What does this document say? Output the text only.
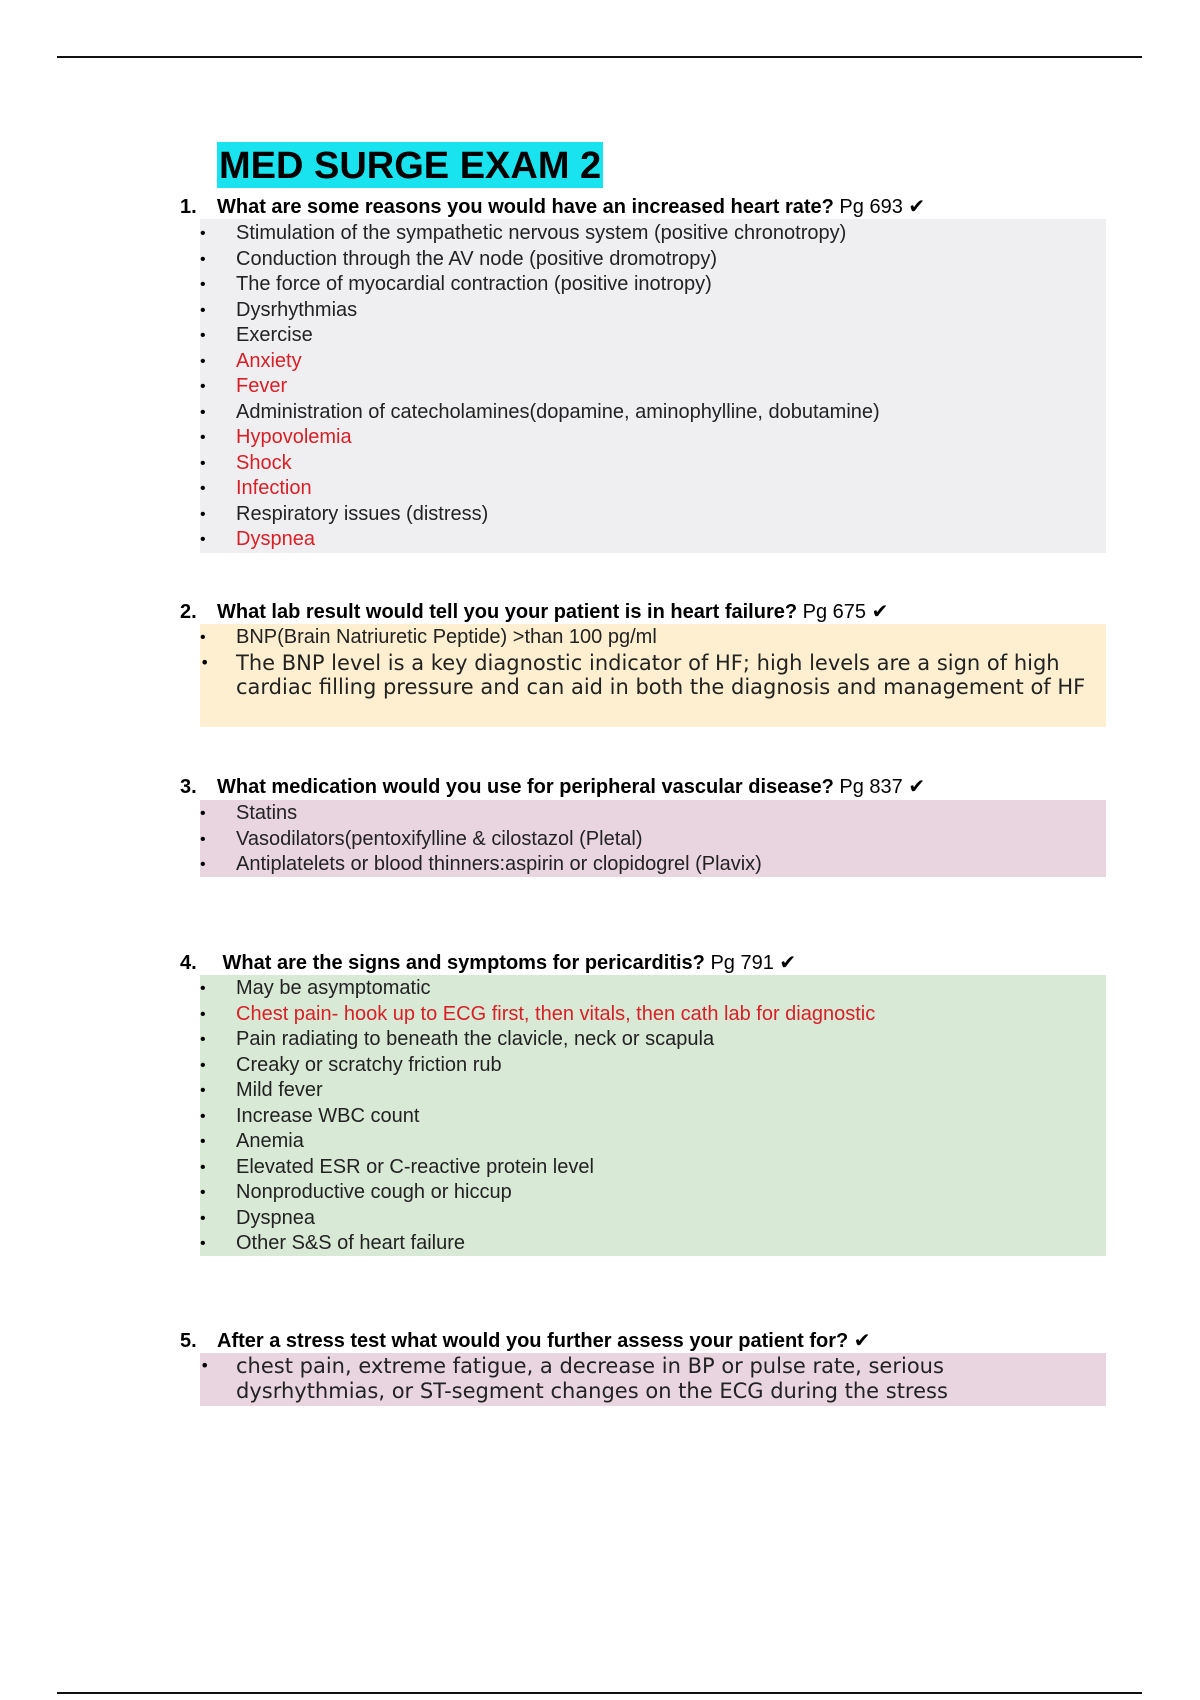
MED SURGE EXAM 2
1. What are some reasons you would have an increased heart rate? Pg 693 ✔
• Stimulation of the sympathetic nervous system (positive chronotropy)
• Conduction through the AV node (positive dromotropy)
• The force of myocardial contraction (positive inotropy)
• Dysrhythmias
• Exercise
• Anxiety
• Fever
• Administration of catecholamines(dopamine, aminophylline, dobutamine)
• Hypovolemia
• Shock
• Infection
• Respiratory issues (distress)
• Dyspnea
2. What lab result would tell you your patient is in heart failure? Pg 675 ✔
• BNP(Brain Natriuretic Peptide) >than 100 pg/ml
• The BNP level is a key diagnostic indicator of HF; high levels are a sign of high cardiac filling pressure and can aid in both the diagnosis and management of HF
3. What medication would you use for peripheral vascular disease? Pg 837 ✔
• Statins
• Vasodilators(pentoxifylline & cilostazol (Pletal)
• Antiplatelets or blood thinners:aspirin or clopidogrel (Plavix)
4. What are the signs and symptoms for pericarditis? Pg 791 ✔
• May be asymptomatic
• Chest pain- hook up to ECG first, then vitals, then cath lab for diagnostic
• Pain radiating to beneath the clavicle, neck or scapula
• Creaky or scratchy friction rub
• Mild fever
• Increase WBC count
• Anemia
• Elevated ESR or C-reactive protein level
• Nonproductive cough or hiccup
• Dyspnea
• Other S&S of heart failure
5. After a stress test what would you further assess your patient for? ✔
• chest pain, extreme fatigue, a decrease in BP or pulse rate, serious dysrhythmias, or ST-segment changes on the ECG during the stress
